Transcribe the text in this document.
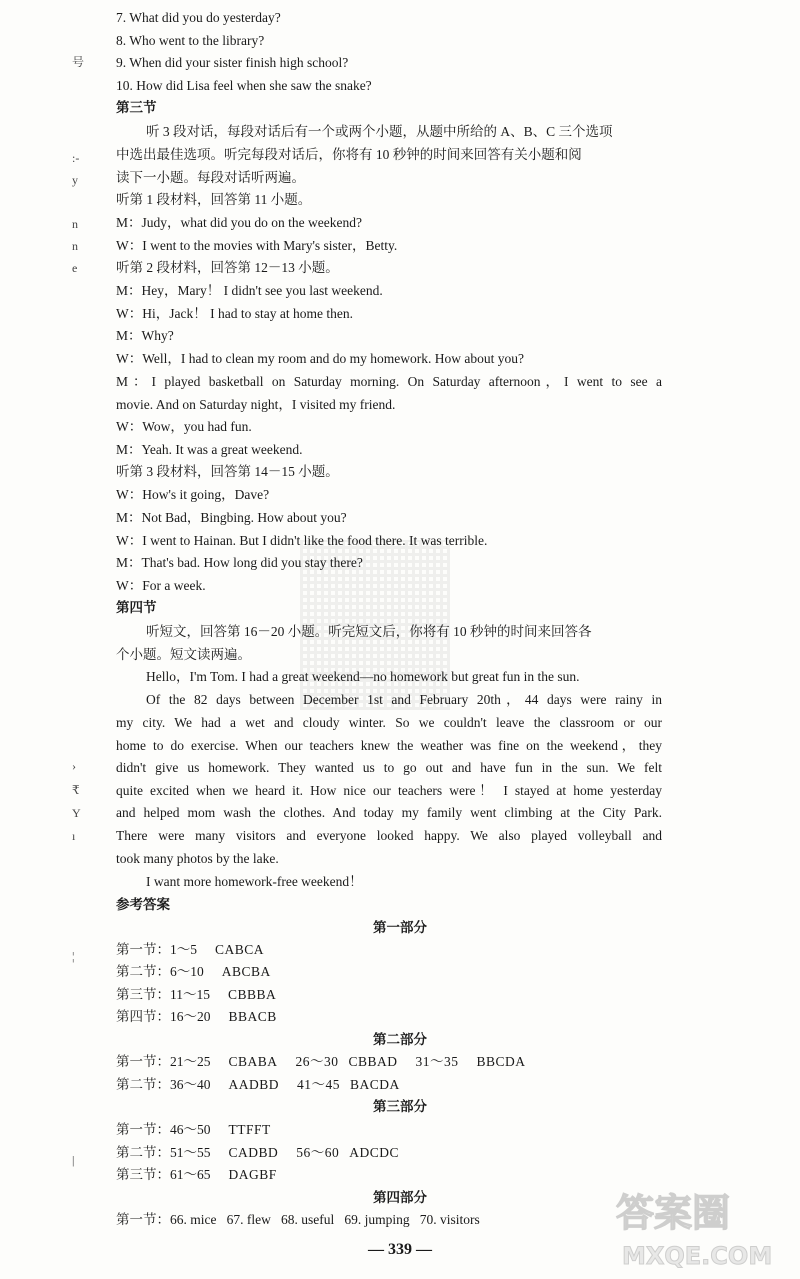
号
:-
y
n
n
e
›
₹
Y
ı
¦
|
7. What did you do yesterday?
8. Who went to the library?
9. When did your sister finish high school?
10. How did Lisa feel when she saw the snake?
第三节
听 3 段对话，每段对话后有一个或两个小题，从题中所给的 A、B、C 三个选项
中选出最佳选项。听完每段对话后，你将有 10 秒钟的时间来回答有关小题和阅
读下一小题。每段对话听两遍。
听第 1 段材料，回答第 11 小题。
M：Judy，what did you do on the weekend?
W：I went to the movies with Mary's sister，Betty.
听第 2 段材料，回答第 12－13 小题。
M：Hey，Mary！ I didn't see you last weekend.
W：Hi，Jack！ I had to stay at home then.
M：Why?
W：Well，I had to clean my room and do my homework. How about you?
M：I played basketball on Saturday morning. On Saturday afternoon，I went to see a
movie. And on Saturday night，I visited my friend.
W：Wow，you had fun.
M：Yeah. It was a great weekend.
听第 3 段材料，回答第 14－15 小题。
W：How's it going，Dave?
M：Not Bad，Bingbing. How about you?
W：I went to Hainan. But I didn't like the food there. It was terrible.
M：That's bad. How long did you stay there?
W：For a week.
第四节
听短文，回答第 16－20 小题。听完短文后，你将有 10 秒钟的时间来回答各
个小题。短文读两遍。
Hello，I'm Tom. I had a great weekend—no homework but great fun in the sun.
Of the 82 days between December 1st and February 20th，44 days were rainy in
my city. We had a wet and cloudy winter. So we couldn't leave the classroom or our
home to do exercise. When our teachers knew the weather was fine on the weekend，they
didn't give us homework. They wanted us to go out and have fun in the sun. We felt
quite excited when we heard it. How nice our teachers were！ I stayed at home yesterday
and helped mom wash the clothes. And today my family went climbing at the City Park.
There were many visitors and everyone looked happy. We also played volleyball and
took many photos by the lake.
I want more homework-free weekend！
参考答案
第一部分
第一节：1～5 CABCA
第二节：6～10 ABCBA
第三节：11～15 CBBBA
第四节：16～20 BBACB
第二部分
第一节：21～25 CBABA 26～30 CBBAD 31～35 BBCDA
第二节：36～40 AADBD 41～45 BACDA
第三部分
第一节：46～50 TTFFT
第二节：51～55 CADBD 56～60 ADCDC
第三节：61～65 DAGBF
第四部分
第一节：66. mice   67. flew   68. useful   69. jumping   70. visitors
— 339 —
答案圈
MXQE.COM
